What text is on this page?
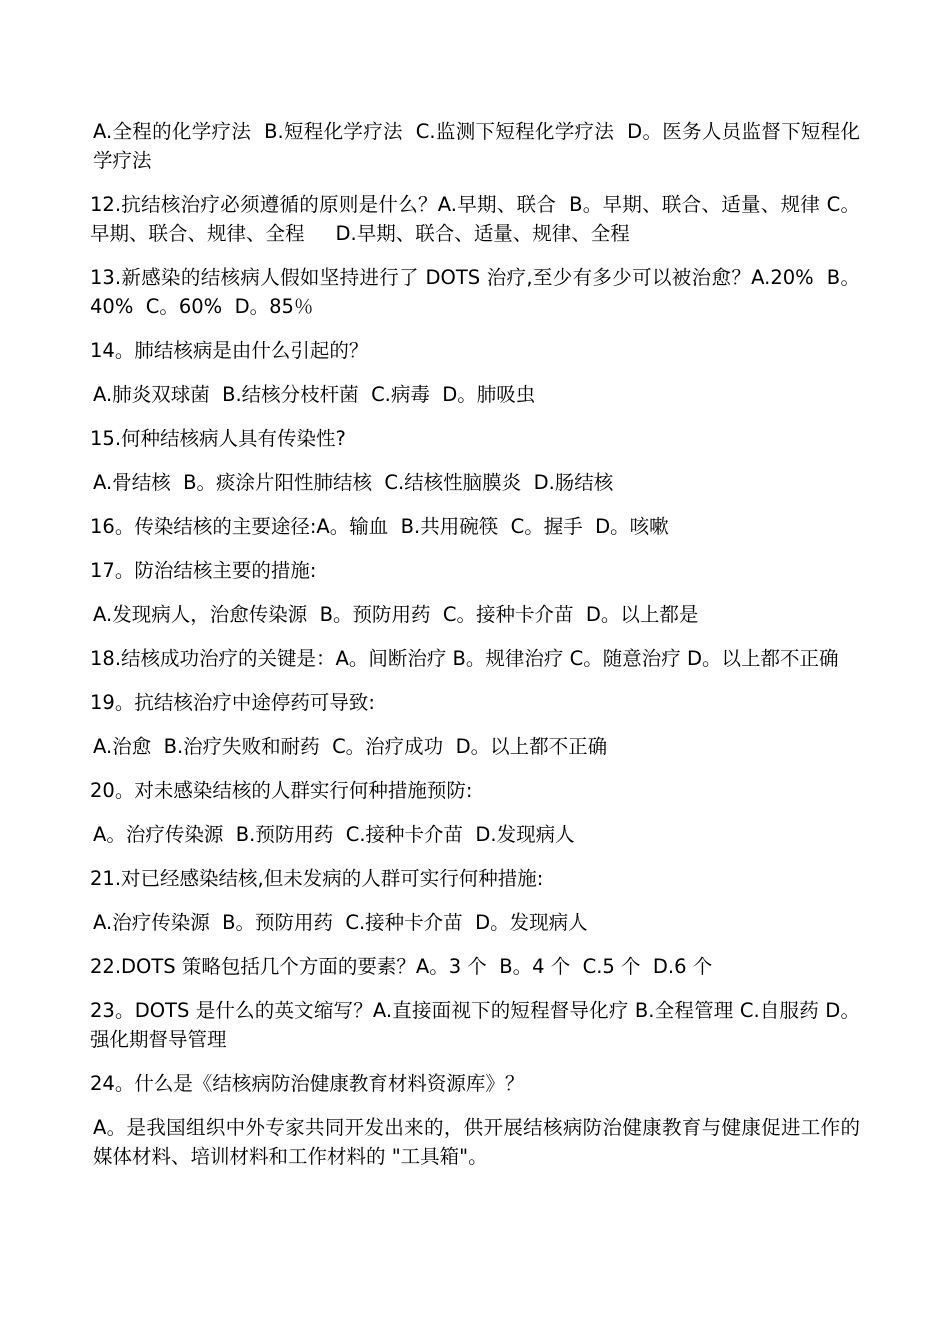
A.全程的化学疗法  B.短程化学疗法  C.监测下短程化学疗法  D。医务人员监督下短程化学疗法

12.抗结核治疗必须遵循的原则是什么？A.早期、联合  B。早期、联合、适量、规律 C。早期、联合、规律、全程     D.早期、联合、适量、规律、全程

13.新感染的结核病人假如坚持进行了 DOTS 治疗,至少有多少可以被治愈？A.20%  B。40%  C。60%  D。85％

14。肺结核病是由什么引起的？

A.肺炎双球菌  B.结核分枝杆菌  C.病毒  D。肺吸虫

15.何种结核病人具有传染性?

A.骨结核  B。痰涂片阳性肺结核  C.结核性脑膜炎  D.肠结核

16。传染结核的主要途径:A。输血  B.共用碗筷  C。握手  D。咳嗽

17。防治结核主要的措施:

A.发现病人，治愈传染源  B。预防用药  C。接种卡介苗  D。以上都是

18.结核成功治疗的关键是：A。间断治疗 B。规律治疗 C。随意治疗 D。以上都不正确

19。抗结核治疗中途停药可导致:

A.治愈  B.治疗失败和耐药  C。治疗成功  D。以上都不正确

20。对未感染结核的人群实行何种措施预防:

A。治疗传染源  B.预防用药  C.接种卡介苗  D.发现病人

21.对已经感染结核,但未发病的人群可实行何种措施:

A.治疗传染源  B。预防用药  C.接种卡介苗  D。发现病人

22.DOTS 策略包括几个方面的要素？A。3 个  B。4 个  C.5 个  D.6 个

23。DOTS 是什么的英文缩写？A.直接面视下的短程督导化疗 B.全程管理 C.自服药 D。强化期督导管理

24。什么是《结核病防治健康教育材料资源库》？

A。是我国组织中外专家共同开发出来的，供开展结核病防治健康教育与健康促进工作的媒体材料、培训材料和工作材料的 "工具箱"。
